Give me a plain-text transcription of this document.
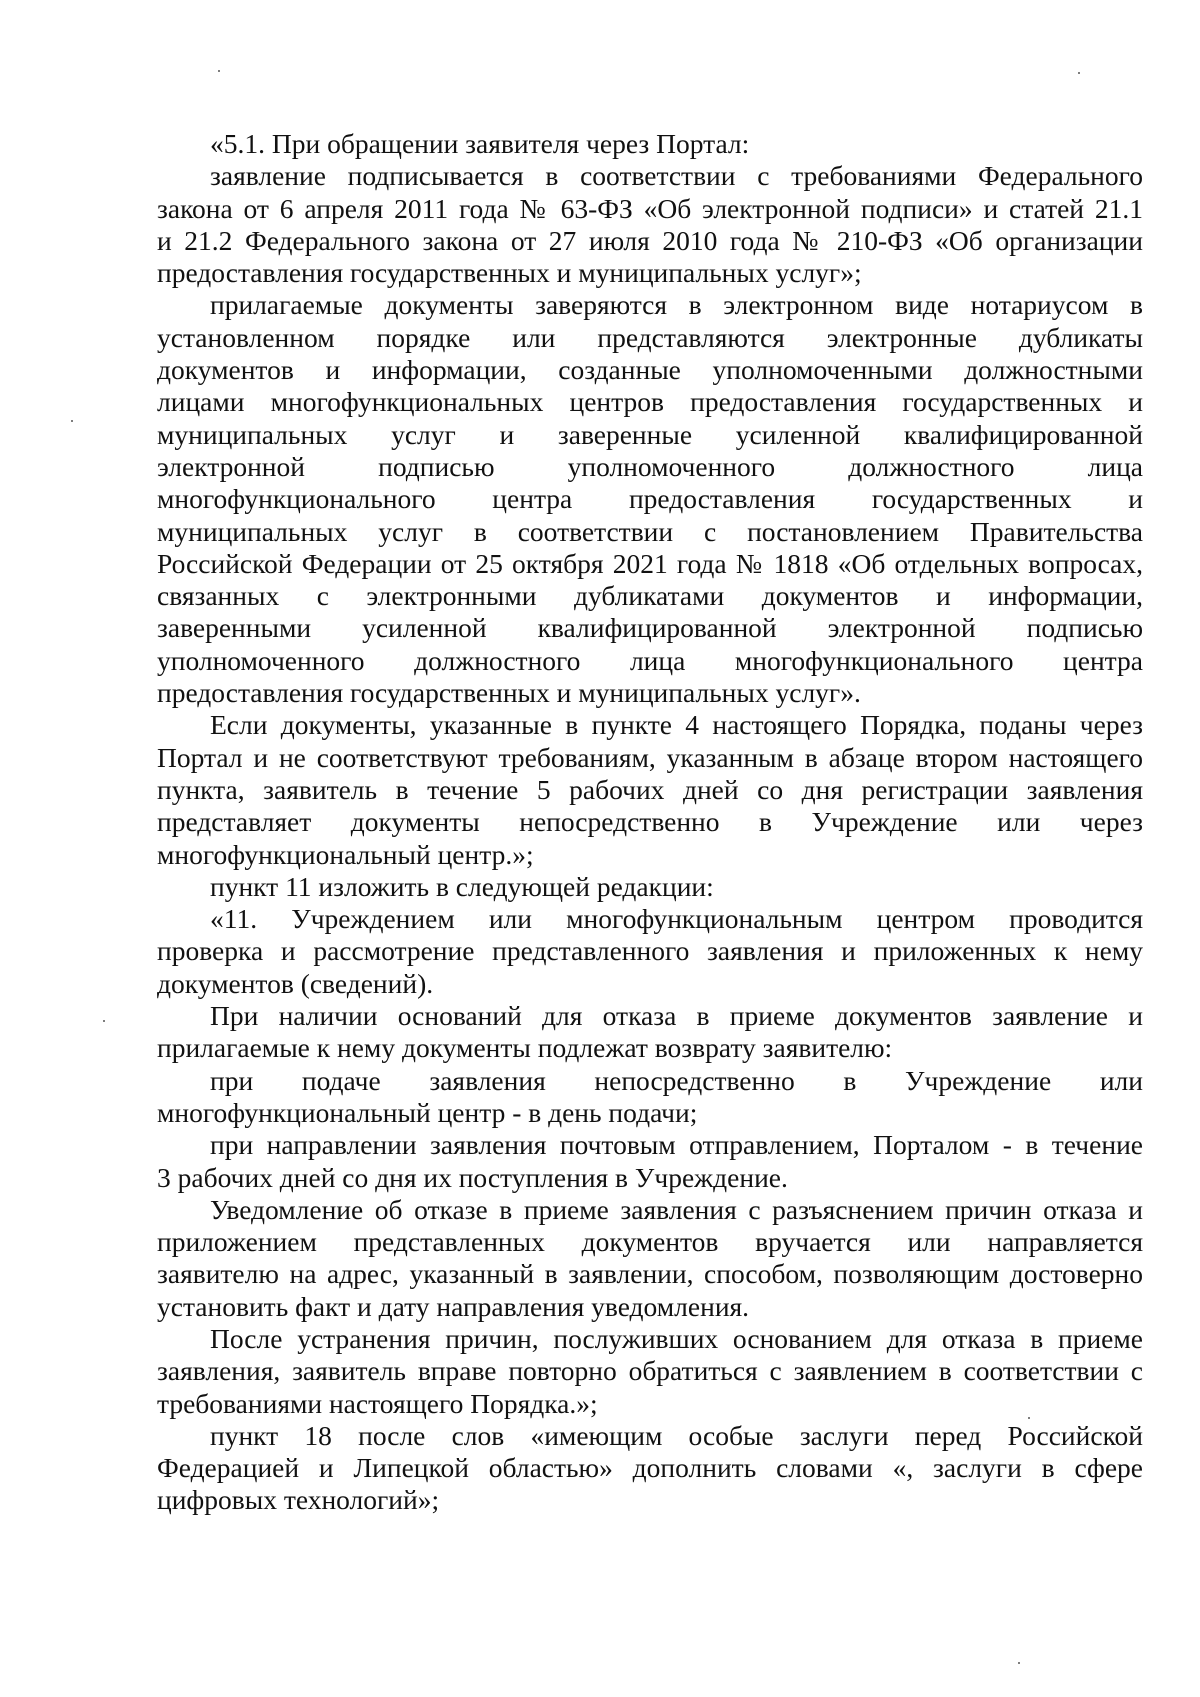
«5.1. При обращении заявителя через Портал:
заявление подписывается в соответствии с требованиями Федерального
закона от 6 апреля 2011 года № 63-ФЗ «Об электронной подписи» и статей 21.1
и 21.2 Федерального закона от 27 июля 2010 года № 210-ФЗ «Об организации
предоставления государственных и муниципальных услуг»;
прилагаемые документы заверяются в электронном виде нотариусом в
установленном порядке или представляются электронные дубликаты
документов и информации, созданные уполномоченными должностными
лицами многофункциональных центров предоставления государственных и
муниципальных услуг и заверенные усиленной квалифицированной
электронной подписью уполномоченного должностного лица
многофункционального центра предоставления государственных и
муниципальных услуг в соответствии с постановлением Правительства
Российской Федерации от 25 октября 2021 года № 1818 «Об отдельных вопросах,
связанных с электронными дубликатами документов и информации,
заверенными усиленной квалифицированной электронной подписью
уполномоченного должностного лица многофункционального центра
предоставления государственных и муниципальных услуг».
Если документы, указанные в пункте 4 настоящего Порядка, поданы через
Портал и не соответствуют требованиям, указанным в абзаце втором настоящего
пункта, заявитель в течение 5 рабочих дней со дня регистрации заявления
представляет документы непосредственно в Учреждение или через
многофункциональный центр.»;
пункт 11 изложить в следующей редакции:
«11. Учреждением или многофункциональным центром проводится
проверка и рассмотрение представленного заявления и приложенных к нему
документов (сведений).
При наличии оснований для отказа в приеме документов заявление и
прилагаемые к нему документы подлежат возврату заявителю:
при подаче заявления непосредственно в Учреждение или
многофункциональный центр - в день подачи;
при направлении заявления почтовым отправлением, Порталом - в течение
3 рабочих дней со дня их поступления в Учреждение.
Уведомление об отказе в приеме заявления с разъяснением причин отказа и
приложением представленных документов вручается или направляется
заявителю на адрес, указанный в заявлении, способом, позволяющим достоверно
установить факт и дату направления уведомления.
После устранения причин, послуживших основанием для отказа в приеме
заявления, заявитель вправе повторно обратиться с заявлением в соответствии с
требованиями настоящего Порядка.»;
пункт 18 после слов «имеющим особые заслуги перед Российской
Федерацией и Липецкой областью» дополнить словами «, заслуги в сфере
цифровых технологий»;
